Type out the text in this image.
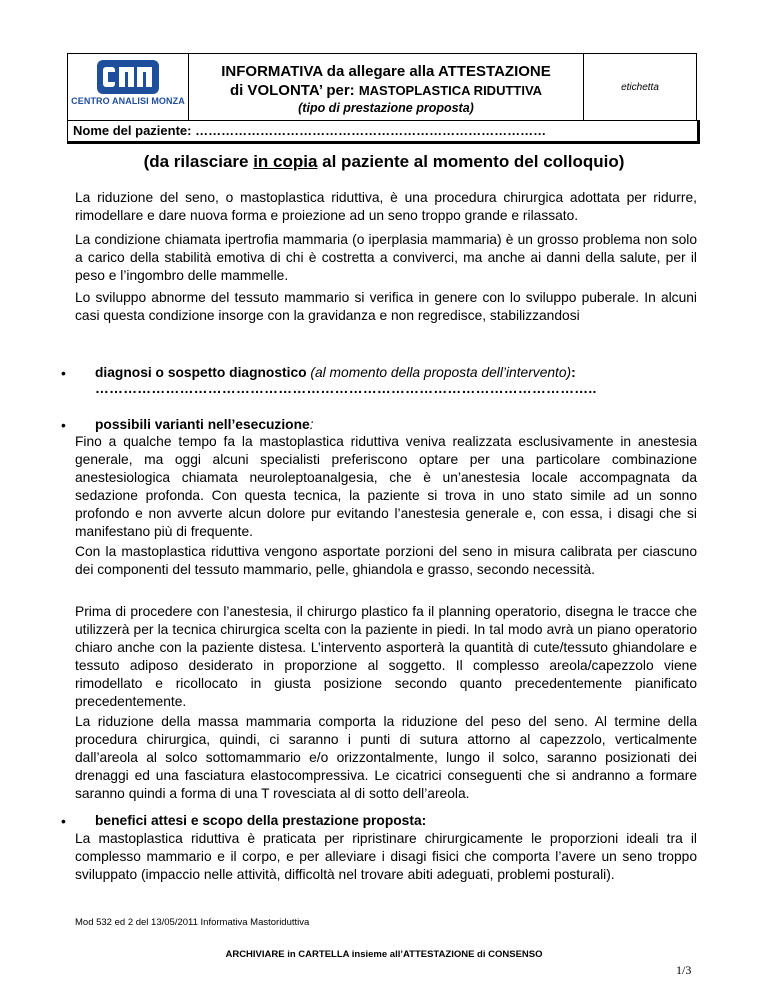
CENTRO ANALISI MONZA
INFORMATIVA da allegare alla ATTESTAZIONE
di VOLONTA’ per: MASTOPLASTICA RIDUTTIVA
(tipo di prestazione proposta)
etichetta
Nome del paziente: ………………………………………………………………………
(da rilasciare in copia al paziente al momento del colloquio)
La riduzione del seno, o mastoplastica riduttiva, è una procedura chirurgica adottata per ridurre, rimodellare e dare nuova forma e proiezione ad un seno troppo grande e rilassato.
La condizione chiamata ipertrofia mammaria (o iperplasia mammaria) è un grosso problema non solo a carico della stabilità emotiva di chi è costretta a conviverci, ma anche ai danni della salute, per il peso e l’ingombro delle mammelle.
Lo sviluppo abnorme del tessuto mammario si verifica in genere con lo sviluppo puberale. In alcuni casi questa condizione insorge con la gravidanza e non regredisce, stabilizzandosi
• diagnosi o sospetto diagnostico (al momento della proposta dell’intervento):
……………………………………………………………………………………………..
• possibili varianti nell’esecuzione:
Fino a qualche tempo fa la mastoplastica riduttiva veniva realizzata esclusivamente in anestesia generale, ma oggi alcuni specialisti preferiscono optare per una particolare combinazione anestesiologica chiamata neuroleptoanalgesia, che è un’anestesia locale accompagnata da sedazione profonda. Con questa tecnica, la paziente si trova in uno stato simile ad un sonno profondo e non avverte alcun dolore pur evitando l’anestesia generale e, con essa, i disagi che si manifestano più di frequente.
Con la mastoplastica riduttiva vengono asportate porzioni del seno in misura calibrata per ciascuno dei componenti del tessuto mammario, pelle, ghiandola e grasso, secondo necessità.
Prima di procedere con l’anestesia, il chirurgo plastico fa il planning operatorio, disegna le tracce che utilizzerà per la tecnica chirurgica scelta con la paziente in piedi. In tal modo avrà un piano operatorio chiaro anche con la paziente distesa. L’intervento asporterà la quantità di cute/tessuto ghiandolare e tessuto adiposo desiderato in proporzione al soggetto. Il complesso areola/capezzolo viene rimodellato e ricollocato in giusta posizione secondo quanto precedentemente pianificato precedentemente.
La riduzione della massa mammaria comporta la riduzione del peso del seno. Al termine della procedura chirurgica, quindi, ci saranno i punti di sutura attorno al capezzolo, verticalmente dall’areola al solco sottomammario e/o orizzontalmente, lungo il solco, saranno posizionati dei drenaggi ed una fasciatura elastocompressiva. Le cicatrici conseguenti che si andranno a formare saranno quindi a forma di una T rovesciata al di sotto dell’areola.
• benefici attesi e scopo della prestazione proposta:
La mastoplastica riduttiva è praticata per ripristinare chirurgicamente le proporzioni ideali tra il complesso mammario e il corpo, e per alleviare i disagi fisici che comporta l’avere un seno troppo sviluppato (impaccio nelle attività, difficoltà nel trovare abiti adeguati, problemi posturali).
Mod 532 ed 2 del 13/05/2011 Informativa Mastoriduttiva
ARCHIVIARE in CARTELLA insieme all’ATTESTAZIONE di CONSENSO
1/3
